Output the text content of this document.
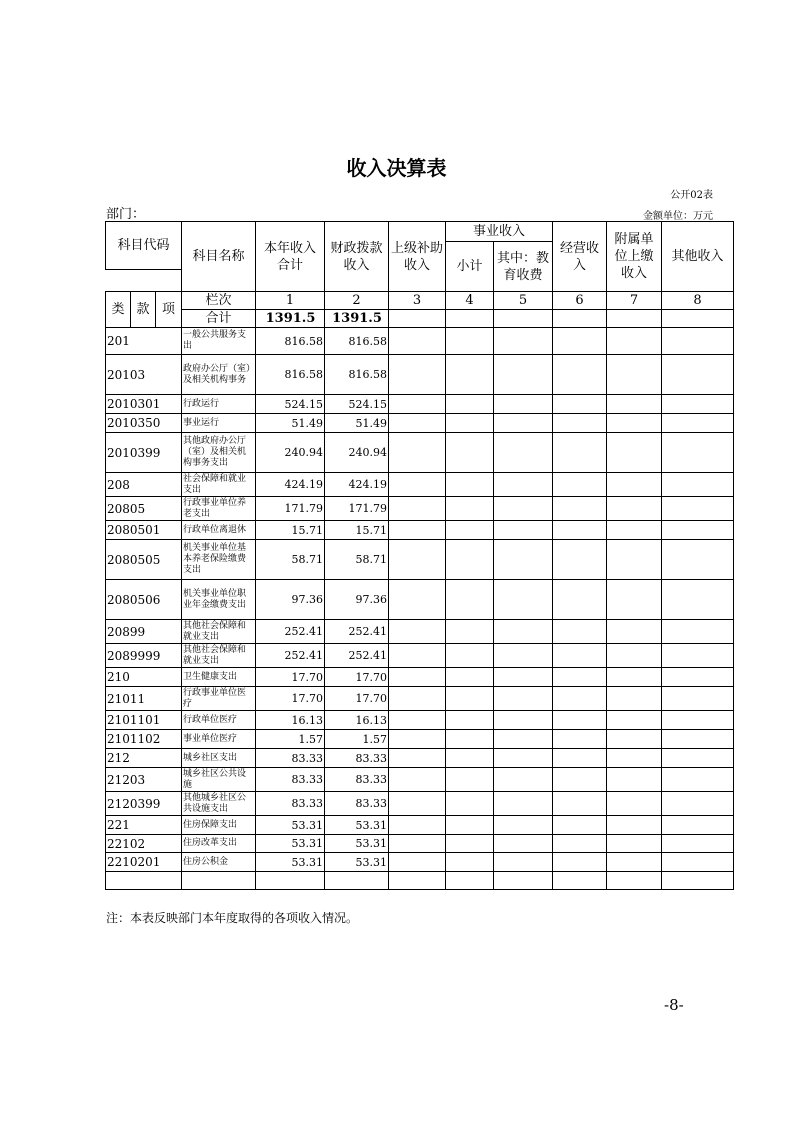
收入决算表
公开02表
部门：	金额单位：万元
科目代码			科目名称	本年收入合计	财政拨款收入	上级补助收入	事业收入		经营收入	附属单位上缴收入	其他收入
							小计	其中：教育收费			

类	款	项	栏次	1	2	3	4	5	6	7	8
			合计	1391.5	1391.5						
201			一般公共服务支出	816.58	816.58						
20103			政府办公厅（室）及相关机构事务	816.58	816.58						
2010301			行政运行	524.15	524.15						
2010350			事业运行	51.49	51.49						
2010399			其他政府办公厅（室）及相关机构事务支出	240.94	240.94						
208			社会保障和就业支出	424.19	424.19						
20805			行政事业单位养老支出	171.79	171.79						
2080501			行政单位离退休	15.71	15.71						
2080505			机关事业单位基本养老保险缴费支出	58.71	58.71						
2080506			机关事业单位职业年金缴费支出	97.36	97.36						
20899			其他社会保障和就业支出	252.41	252.41						
2089999			其他社会保障和就业支出	252.41	252.41						
210			卫生健康支出	17.70	17.70						
21011			行政事业单位医疗	17.70	17.70						
2101101			行政单位医疗	16.13	16.13						
2101102			事业单位医疗	1.57	1.57						
212			城乡社区支出	83.33	83.33						
21203			城乡社区公共设施	83.33	83.33						
2120399			其他城乡社区公共设施支出	83.33	83.33						
221			住房保障支出	53.31	53.31						
22102			住房改革支出	53.31	53.31						
2210201			住房公积金	53.31	53.31						

注：本表反映部门本年度取得的各项收入情况。
-8-
